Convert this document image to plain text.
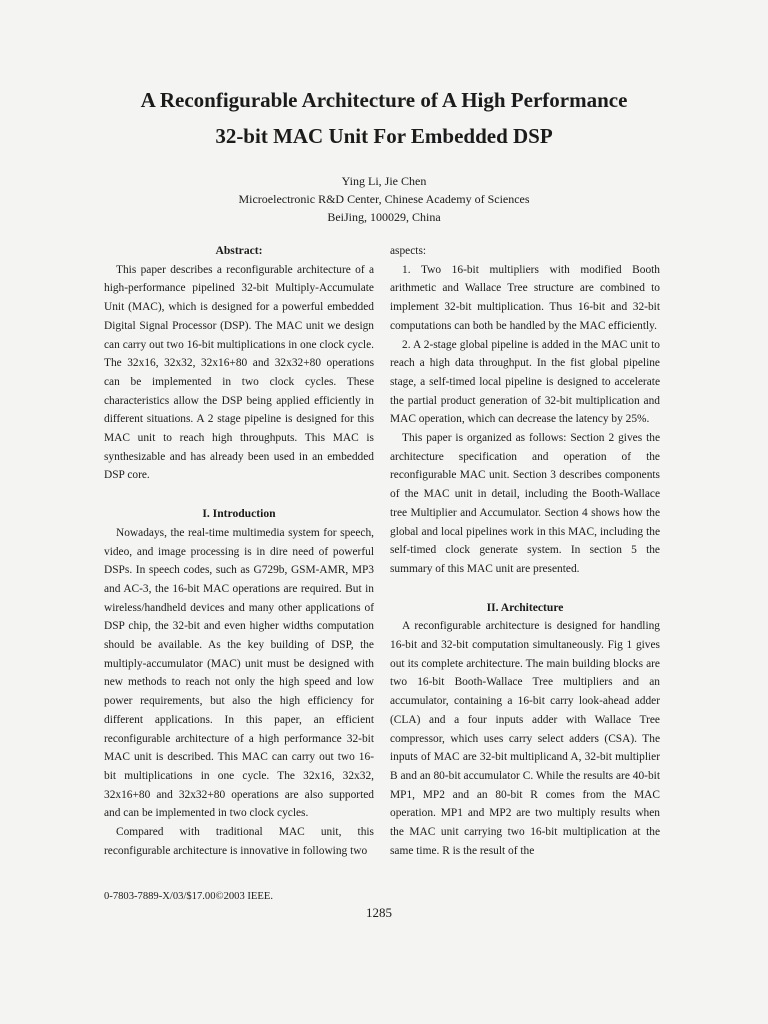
A Reconfigurable Architecture of A High Performance
32-bit MAC Unit For Embedded DSP
Ying Li, Jie Chen
Microelectronic R&D Center, Chinese Academy of Sciences
BeiJing, 100029, China
Abstract:

This paper describes a reconfigurable architecture of a high-performance pipelined 32-bit Multiply-Accumulate Unit (MAC), which is designed for a powerful embedded Digital Signal Processor (DSP). The MAC unit we design can carry out two 16-bit multiplications in one clock cycle. The 32x16, 32x32, 32x16+80 and 32x32+80 operations can be implemented in two clock cycles. These characteristics allow the DSP being applied efficiently in different situations. A 2 stage pipeline is designed for this MAC unit to reach high throughputs. This MAC is synthesizable and has already been used in an embedded DSP core.

I. Introduction

Nowadays, the real-time multimedia system for speech, video, and image processing is in dire need of powerful DSPs. In speech codes, such as G729b, GSM-AMR, MP3 and AC-3, the 16-bit MAC operations are required. But in wireless/handheld devices and many other applications of DSP chip, the 32-bit and even higher widths computation should be available. As the key building of DSP, the multiply-accumulator (MAC) unit must be designed with new methods to reach not only the high speed and low power requirements, but also the high efficiency for different applications. In this paper, an efficient reconfigurable architecture of a high performance 32-bit MAC unit is described. This MAC can carry out two 16-bit multiplications in one cycle. The 32x16, 32x32, 32x16+80 and 32x32+80 operations are also supported and can be implemented in two clock cycles.

Compared with traditional MAC unit, this reconfigurable architecture is innovative in following two

aspects:

1. Two 16-bit multipliers with modified Booth arithmetic and Wallace Tree structure are combined to implement 32-bit multiplication. Thus 16-bit and 32-bit computations can both be handled by the MAC efficiently.

2. A 2-stage global pipeline is added in the MAC unit to reach a high data throughput. In the fist global pipeline stage, a self-timed local pipeline is designed to accelerate the partial product generation of 32-bit multiplication and MAC operation, which can decrease the latency by 25%.

This paper is organized as follows: Section 2 gives the architecture specification and operation of the reconfigurable MAC unit. Section 3 describes components of the MAC unit in detail, including the Booth-Wallace tree Multiplier and Accumulator. Section 4 shows how the global and local pipelines work in this MAC, including the self-timed clock generate system. In section 5 the summary of this MAC unit are presented.

II. Architecture

A reconfigurable architecture is designed for handling 16-bit and 32-bit computation simultaneously. Fig 1 gives out its complete architecture. The main building blocks are two 16-bit Booth-Wallace Tree multipliers and an accumulator, containing a 16-bit carry look-ahead adder (CLA) and a four inputs adder with Wallace Tree compressor, which uses carry select adders (CSA). The inputs of MAC are 32-bit multiplicand A, 32-bit multiplier B and an 80-bit accumulator C. While the results are 40-bit MP1, MP2 and an 80-bit R comes from the MAC operation. MP1 and MP2 are two multiply results when the MAC unit carrying two 16-bit multiplication at the same time. R is the result of the

0-7803-7889-X/03/$17.00©2003 IEEE.
1285
